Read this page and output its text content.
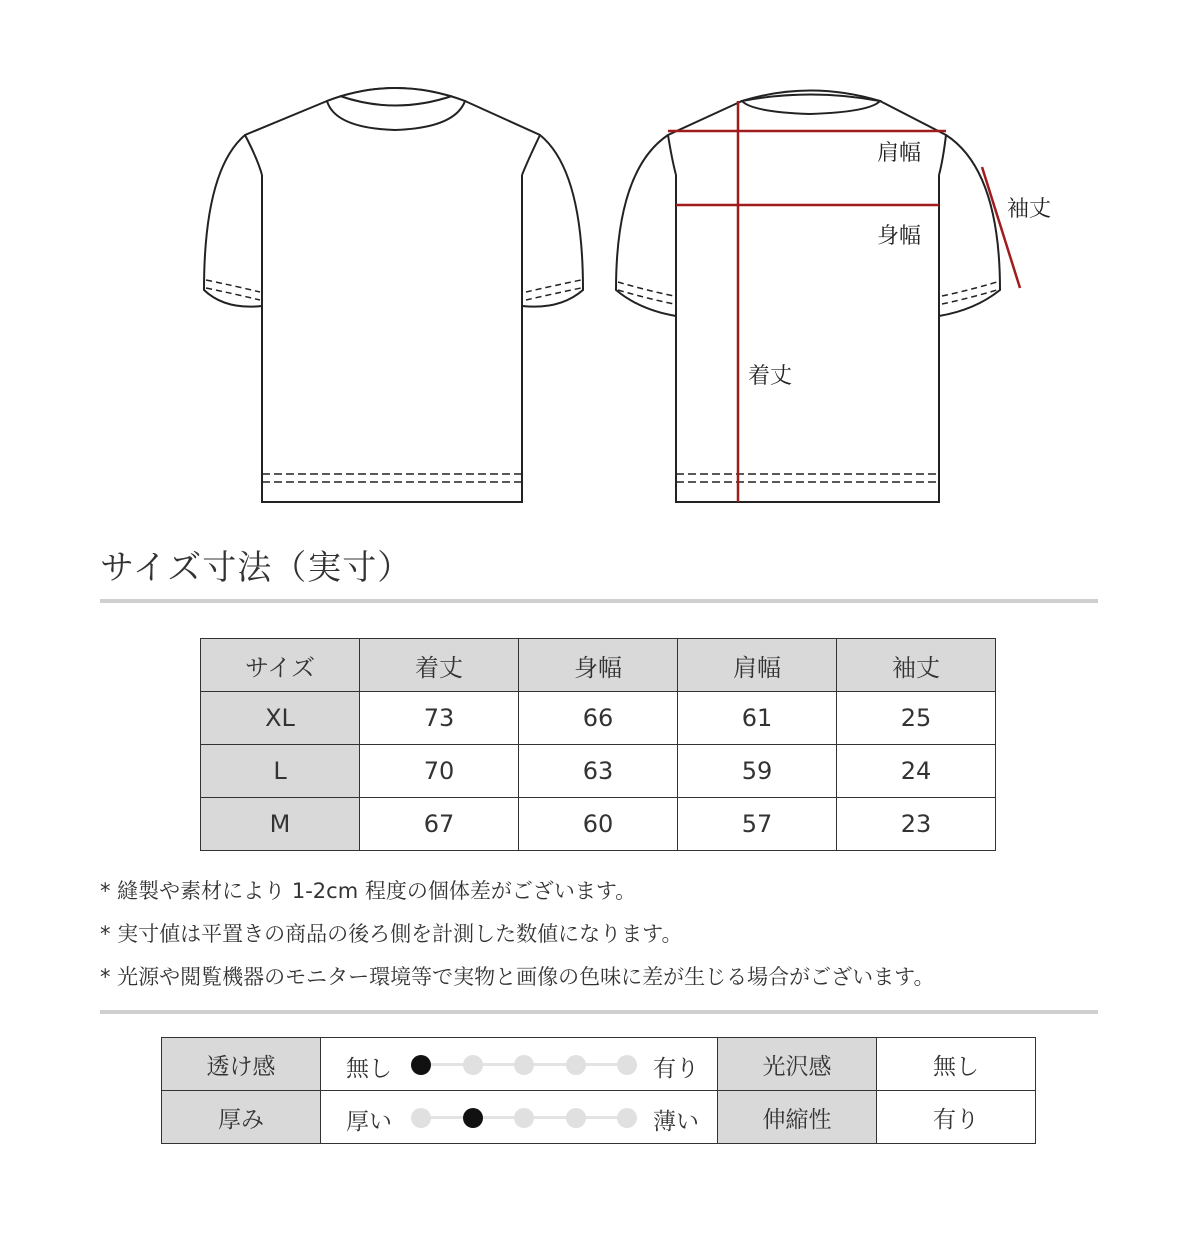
肩幅
袖丈
身幅
着丈
サイズ寸法（実寸）
サイズ	着丈	身幅	肩幅	袖丈
XL	73	66	61	25
L	70	63	59	24
M	67	60	57	23
* 縫製や素材により 1-2cm 程度の個体差がございます。
* 実寸値は平置きの商品の後ろ側を計測した数値になります。
* 光源や閲覧機器のモニター環境等で実物と画像の色味に差が生じる場合がございます。
透け感	無し 有り	光沢感	無し
厚み	厚い 薄い	伸縮性	有り
